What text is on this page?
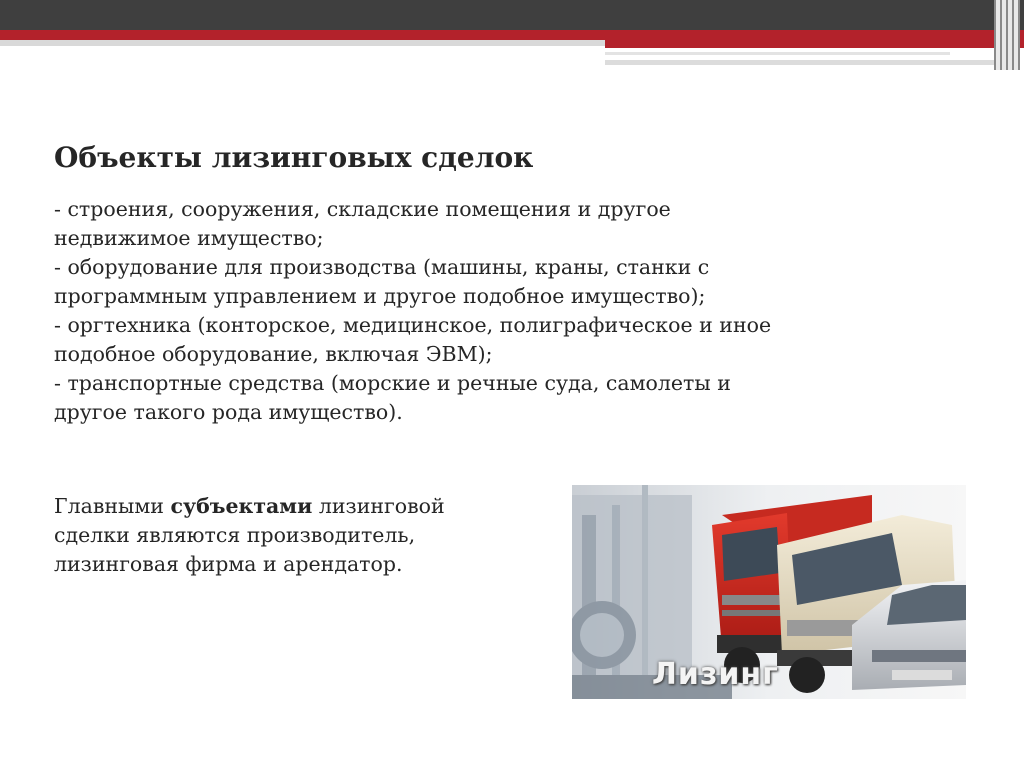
Объекты лизинговых сделок
- строения, сооружения, складские помещения и другое
недвижимое имущество;
- оборудование для производства (машины, краны, станки с
программным управлением и другое подобное имущество);
- оргтехника (конторское, медицинское, полиграфическое и иное
подобное оборудование, включая ЭВМ);
- транспортные средства (морские и речные суда, самолеты и
другое такого рода имущество).
Главными субъектами лизинговой
сделки являются производитель,
лизинговая фирма и арендатор.
Лизинг
